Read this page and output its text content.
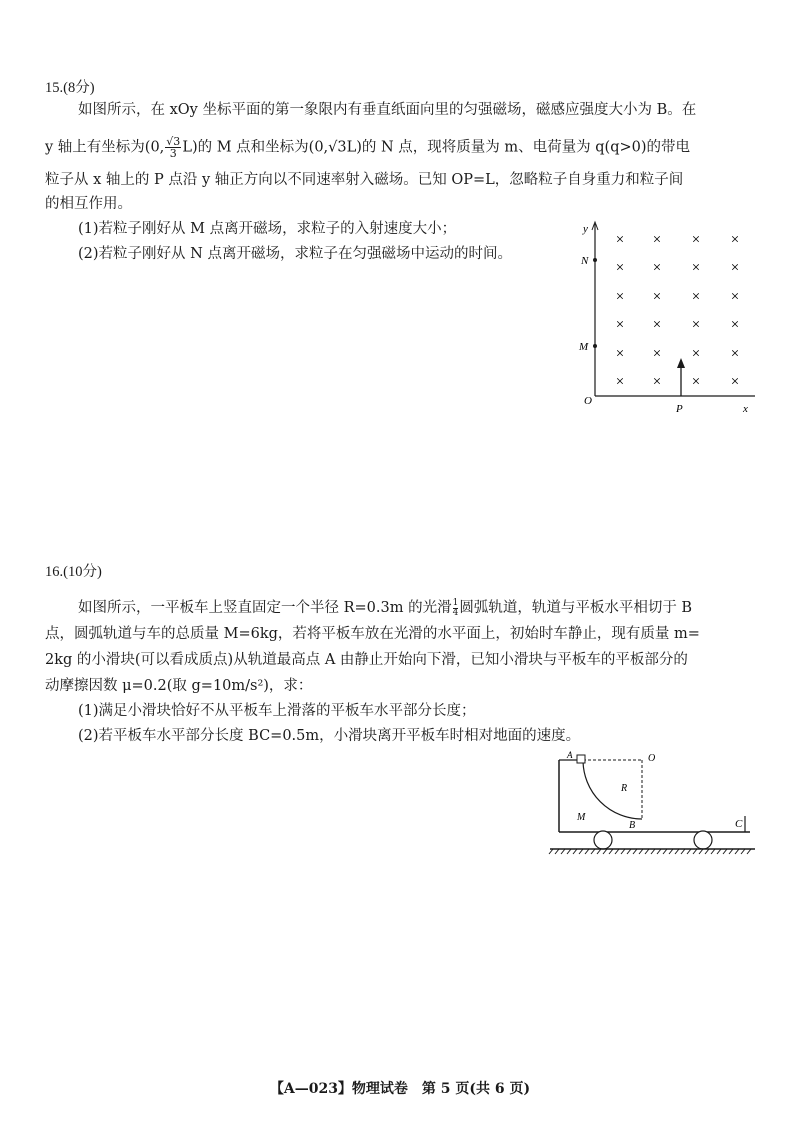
15.(8分)
如图所示，在 xOy 坐标平面的第一象限内有垂直纸面向里的匀强磁场，磁感应强度大小为 B。在
y 轴上有坐标为(0, $\frac{√3}{3} L$)的 M 点和坐标为(0,√3L)的 N 点，现将质量为 m、电荷量为 q(q>0)的带电
粒子从 x 轴上的 P 点沿 y 轴正方向以不同速率射入磁场。已知 OP=L，忽略粒子自身重力和粒子间
的相互作用。
(1)若粒子刚好从 M 点离开磁场，求粒子的入射速度大小；
(2)若粒子刚好从 N 点离开磁场，求粒子在匀强磁场中运动的时间。
y
x
O
N
M
P
× × × ×
× × × ×
× × × ×
× × × ×
× × × ×
× × × ×
16.(10分)
如图所示，一平板车上竖直固定一个半径 R=0.3m 的光滑 $\frac{1}{4}$圆弧轨道，轨道与平板水平相切于 B
点，圆弧轨道与车的总质量 M=6kg，若将平板车放在光滑的水平面上，初始时车静止，现有质量 m=
2kg 的小滑块(可以看成质点)从轨道最高点 A 由静止开始向下滑，已知小滑块与平板车的平板部分的
动摩擦因数 μ=0.2(取 g=10m/s²)，求：
(1)满足小滑块恰好不从平板车上滑落的平板车水平部分长度；
(2)若平板车水平部分长度 BC=0.5m，小滑块离开平板车时相对地面的速度。
A	O
R
M
B	C
【A—023】物理试卷　第 5 页(共 6 页)
